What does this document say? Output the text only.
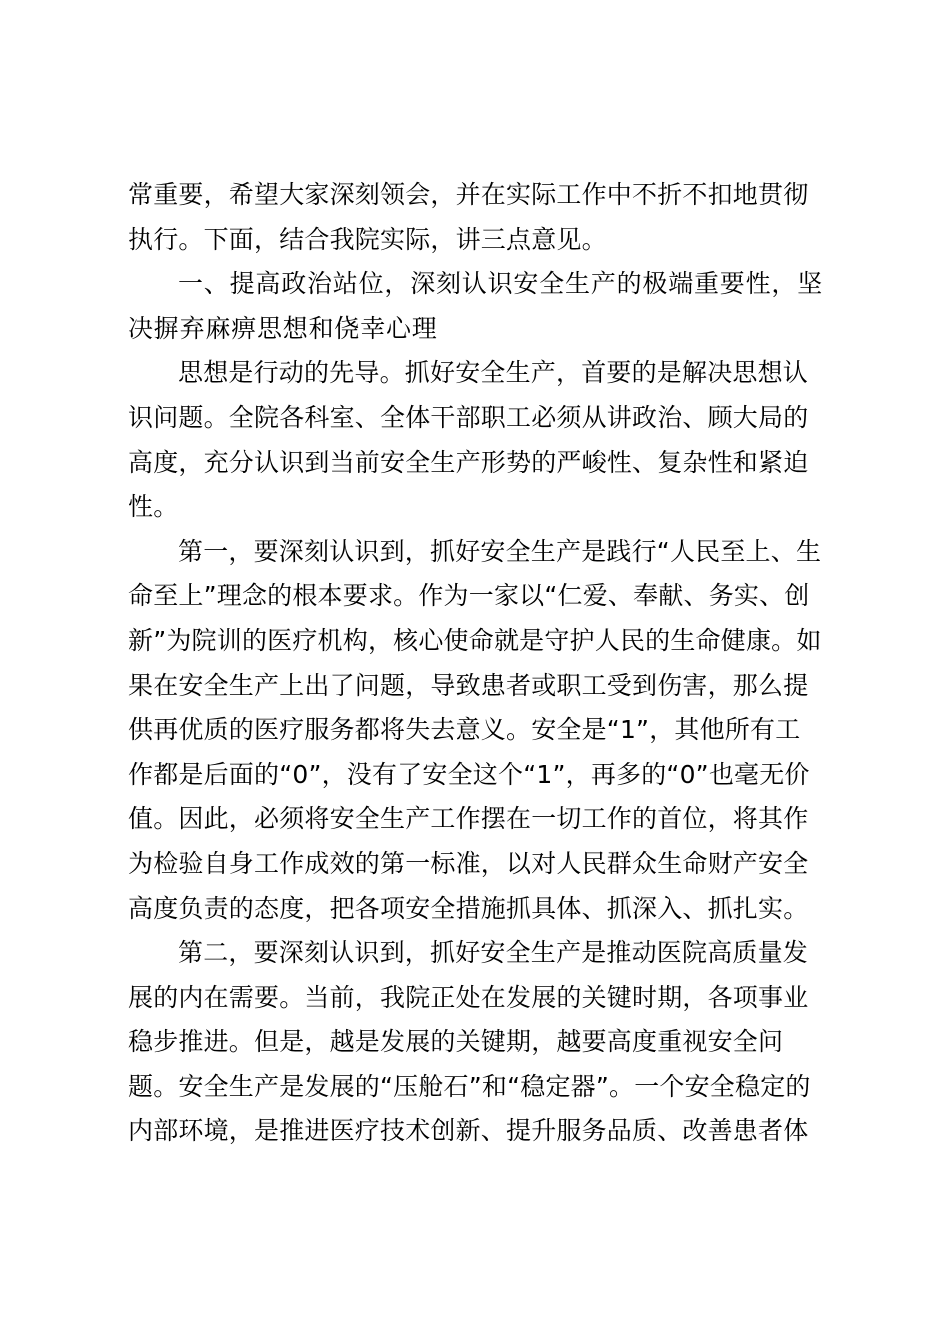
常重要，希望大家深刻领会，并在实际工作中不折不扣地贯彻执行。下面，结合我院实际，讲三点意见。

一、提高政治站位，深刻认识安全生产的极端重要性，坚决摒弃麻痹思想和侥幸心理

思想是行动的先导。抓好安全生产，首要的是解决思想认识问题。全院各科室、全体干部职工必须从讲政治、顾大局的高度，充分认识到当前安全生产形势的严峻性、复杂性和紧迫性。

第一，要深刻认识到，抓好安全生产是践行“人民至上、生命至上”理念的根本要求。作为一家以“仁爱、奉献、务实、创新”为院训的医疗机构，核心使命就是守护人民的生命健康。如果在安全生产上出了问题，导致患者或职工受到伤害，那么提供再优质的医疗服务都将失去意义。安全是“1”，其他所有工作都是后面的“0”，没有了安全这个“1”，再多的“0”也毫无价值。因此，必须将安全生产工作摆在一切工作的首位，将其作为检验自身工作成效的第一标准，以对人民群众生命财产安全高度负责的态度，把各项安全措施抓具体、抓深入、抓扎实。

第二，要深刻认识到，抓好安全生产是推动医院高质量发展的内在需要。当前，我院正处在发展的关键时期，各项事业稳步推进。但是，越是发展的关键期，越要高度重视安全问题。安全生产是发展的“压舱石”和“稳定器”。一个安全稳定的内部环境，是推进医疗技术创新、提升服务品质、改善患者体
